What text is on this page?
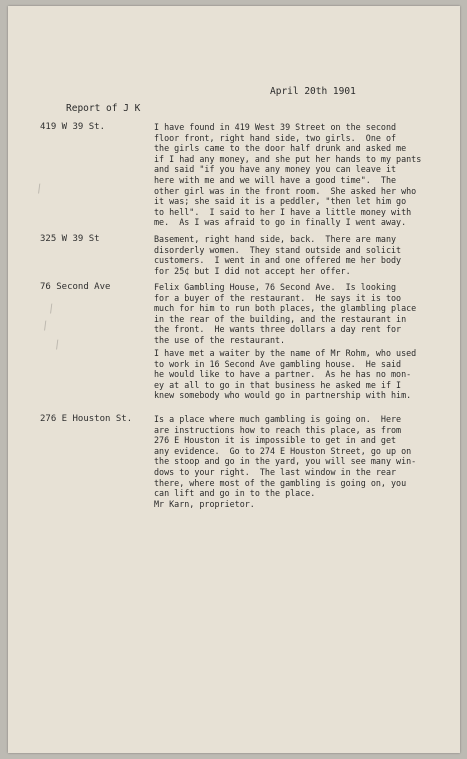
April 20th 1901
Report of J K
419 W 39 St.	I have found in 419 West 39 Street on the second
floor front, right hand side, two girls.  One of
the girls came to the door half drunk and asked me
if I had any money, and she put her hands to my pants
and said "if you have any money you can leave it
here with me and we will have a good time".  The
other girl was in the front room.  She asked her who
it was; she said it is a peddler, "then let him go
to hell".  I said to her I have a little money with
me.  As I was afraid to go in finally I went away.
325 W 39 St	Basement, right hand side, back.  There are many
disorderly women.  They stand outside and solicit
customers.  I went in and one offered me her body
for 25¢ but I did not accept her offer.
76 Second Ave	Felix Gambling House, 76 Second Ave.  Is looking
for a buyer of the restaurant.  He says it is too
much for him to run both places, the glambling place
in the rear of the building, and the restaurant in
the front.  He wants three dollars a day rent for
the use of the restaurant.
I have met a waiter by the name of Mr Rohm, who used
to work in 16 Second Ave gambling house.  He said
he would like to have a partner.  As he has no mon-
ey at all to go in that business he asked me if I
knew somebody who would go in partnership with him.
276 E Houston St.	Is a place where much gambling is going on.  Here
are instructions how to reach this place, as from
276 E Houston it is impossible to get in and get
any evidence.  Go to 274 E Houston Street, go up on
the stoop and go in the yard, you will see many win-
dows to your right.  The last window in the rear
there, where most of the gambling is going on, you
can lift and go in to the place.
Mr Karn, proprietor.
/
/
/
/
